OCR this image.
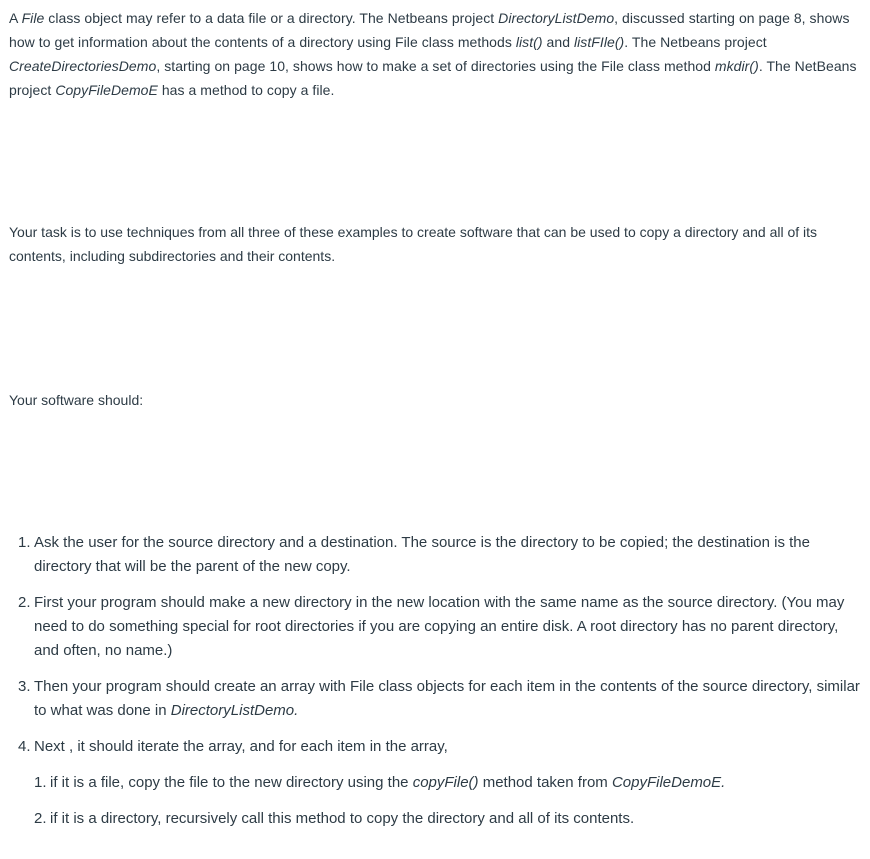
A File class object may refer to a data file or a directory. The Netbeans project DirectoryListDemo, discussed starting on page 8, shows how to get information about the contents of a directory using File class methods list() and listFIle(). The Netbeans project CreateDirectoriesDemo, starting on page 10, shows how to make a set of directories using the File class method mkdir(). The NetBeans project CopyFileDemoE has a method to copy a file.

Your task is to use techniques from all three of these examples to create software that can be used to copy a directory and all of its contents, including subdirectories and their contents.

Your software should:

1. Ask the user for the source directory and a destination. The source is the directory to be copied; the destination is the directory that will be the parent of the new copy.
2. First your program should make a new directory in the new location with the same name as the source directory. (You may need to do something special for root directories if you are copying an entire disk. A root directory has no parent directory, and often, no name.)
3. Then your program should create an array with File class objects for each item in the contents of the source directory, similar to what was done in DirectoryListDemo.
4. Next , it should iterate the array, and for each item in the array,
1. if it is a file, copy the file to the new directory using the copyFile() method taken from CopyFileDemoE.
2. if it is a directory, recursively call this method to copy the directory and all of its contents.
